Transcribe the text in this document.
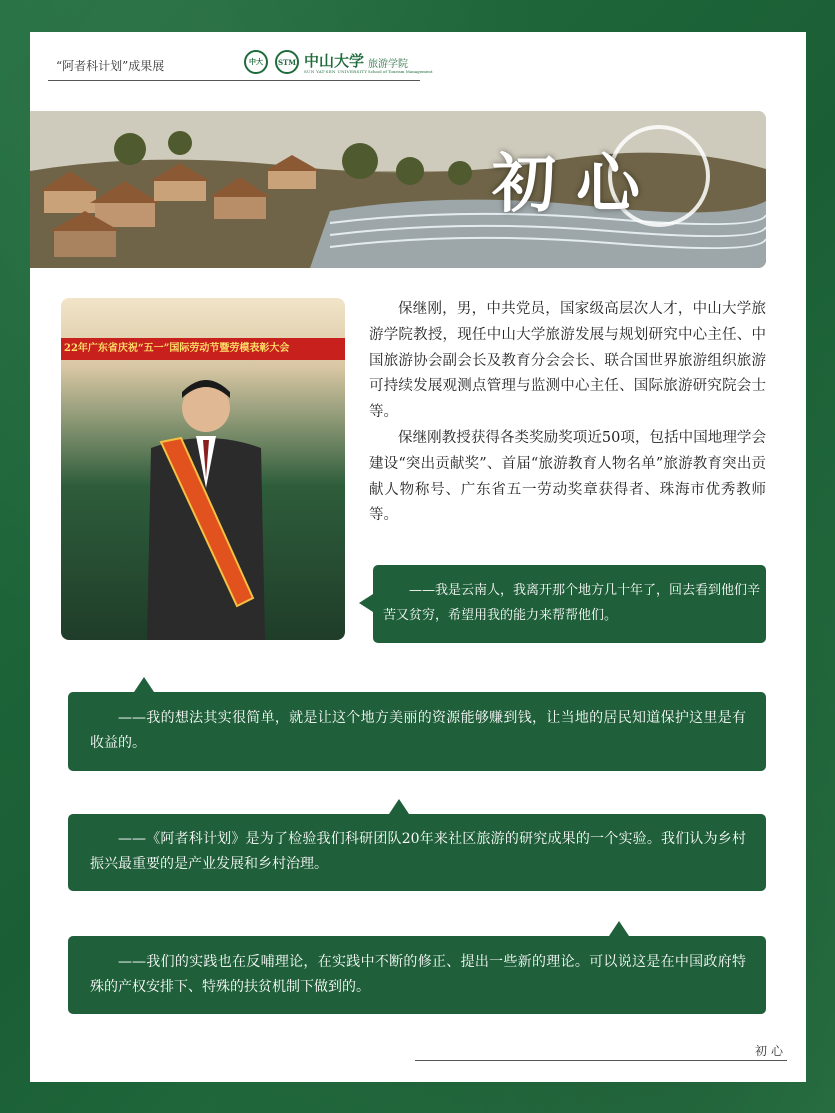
“阿者科计划”成果展	中大	STM 中山大学
SUN YAT-SEN UNIVERSITY
旅游学院
School of Tourism Management
初心
22年广东省庆祝“五一”国际劳动节暨劳模表彰大会

保继刚，男，中共党员，国家级高层次人才，中山大学旅游学院教授，现任中山大学旅游发展与规划研究中心主任、中国旅游协会副会长及教育分会会长、联合国世界旅游组织旅游可持续发展观测点管理与监测中心主任、国际旅游研究院会士等。

保继刚教授获得各类奖励奖项近50项，包括中国地理学会建设“突出贡献奖”、首届“旅游教育人物名单”旅游教育突出贡献人物称号、广东省五一劳动奖章获得者、珠海市优秀教师等。

——我是云南人，我离开那个地方几十年了，回去看到他们辛苦又贫穷，希望用我的能力来帮帮他们。

——我的想法其实很简单，就是让这个地方美丽的资源能够赚到钱，让当地的居民知道保护这里是有收益的。

——《阿者科计划》是为了检验我们科研团队20年来社区旅游的研究成果的一个实验。我们认为乡村振兴最重要的是产业发展和乡村治理。

——我们的实践也在反哺理论，在实践中不断的修正、提出一些新的理论。可以说这是在中国政府特殊的产权安排下、特殊的扶贫机制下做到的。

初心
